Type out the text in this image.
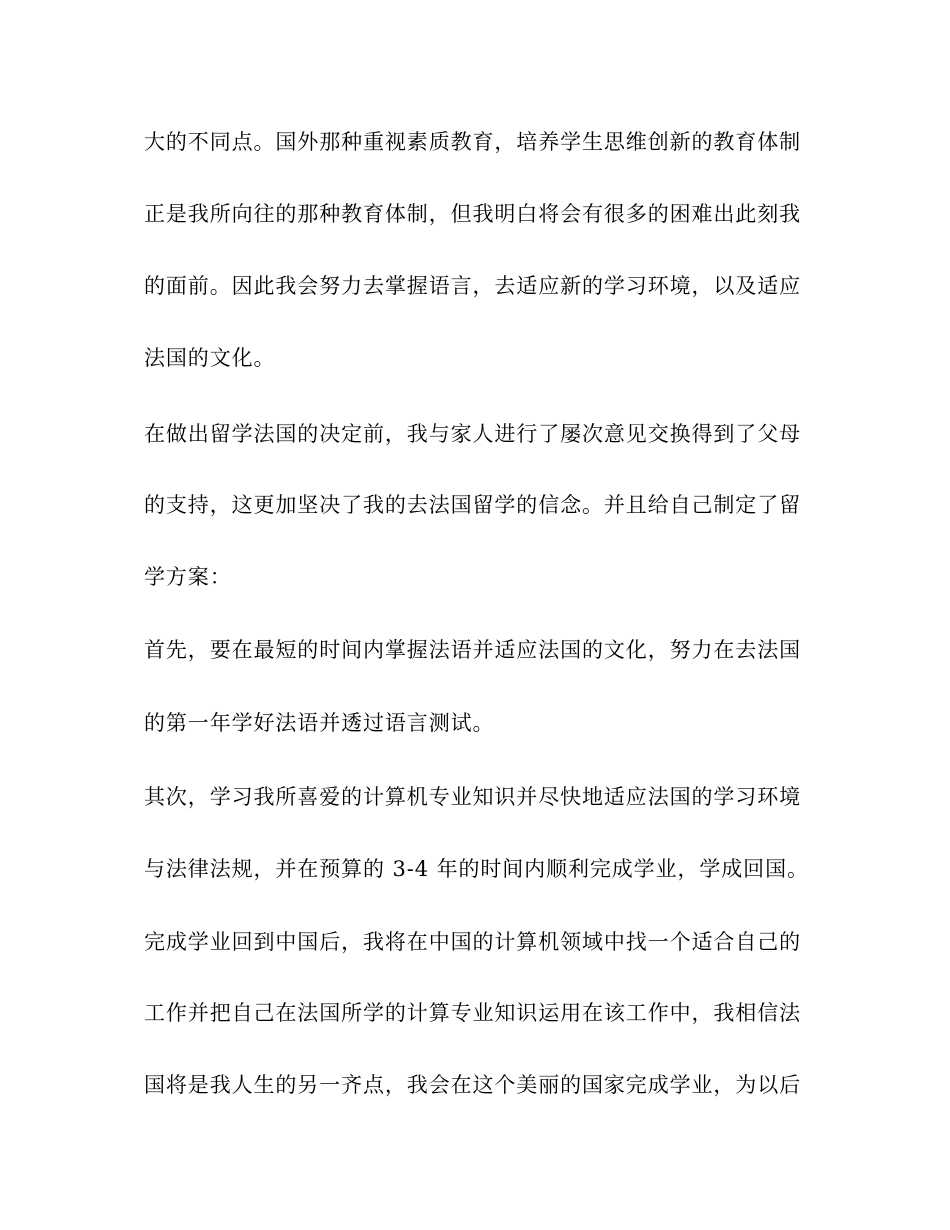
大的不同点。国外那种重视素质教育，培养学生思维创新的教育体制
正是我所向往的那种教育体制，但我明白将会有很多的困难出此刻我
的面前。因此我会努力去掌握语言，去适应新的学习环境，以及适应
法国的文化。
在做出留学法国的决定前，我与家人进行了屡次意见交换得到了父母
的支持，这更加坚决了我的去法国留学的信念。并且给自己制定了留
学方案：
首先，要在最短的时间内掌握法语并适应法国的文化，努力在去法国
的第一年学好法语并透过语言测试。
其次，学习我所喜爱的计算机专业知识并尽快地适应法国的学习环境
与法律法规，并在预算的 3-4 年的时间内顺利完成学业，学成回国。
完成学业回到中国后，我将在中国的计算机领域中找一个适合自己的
工作并把自己在法国所学的计算专业知识运用在该工作中，我相信法
国将是我人生的另一齐点，我会在这个美丽的国家完成学业，为以后
